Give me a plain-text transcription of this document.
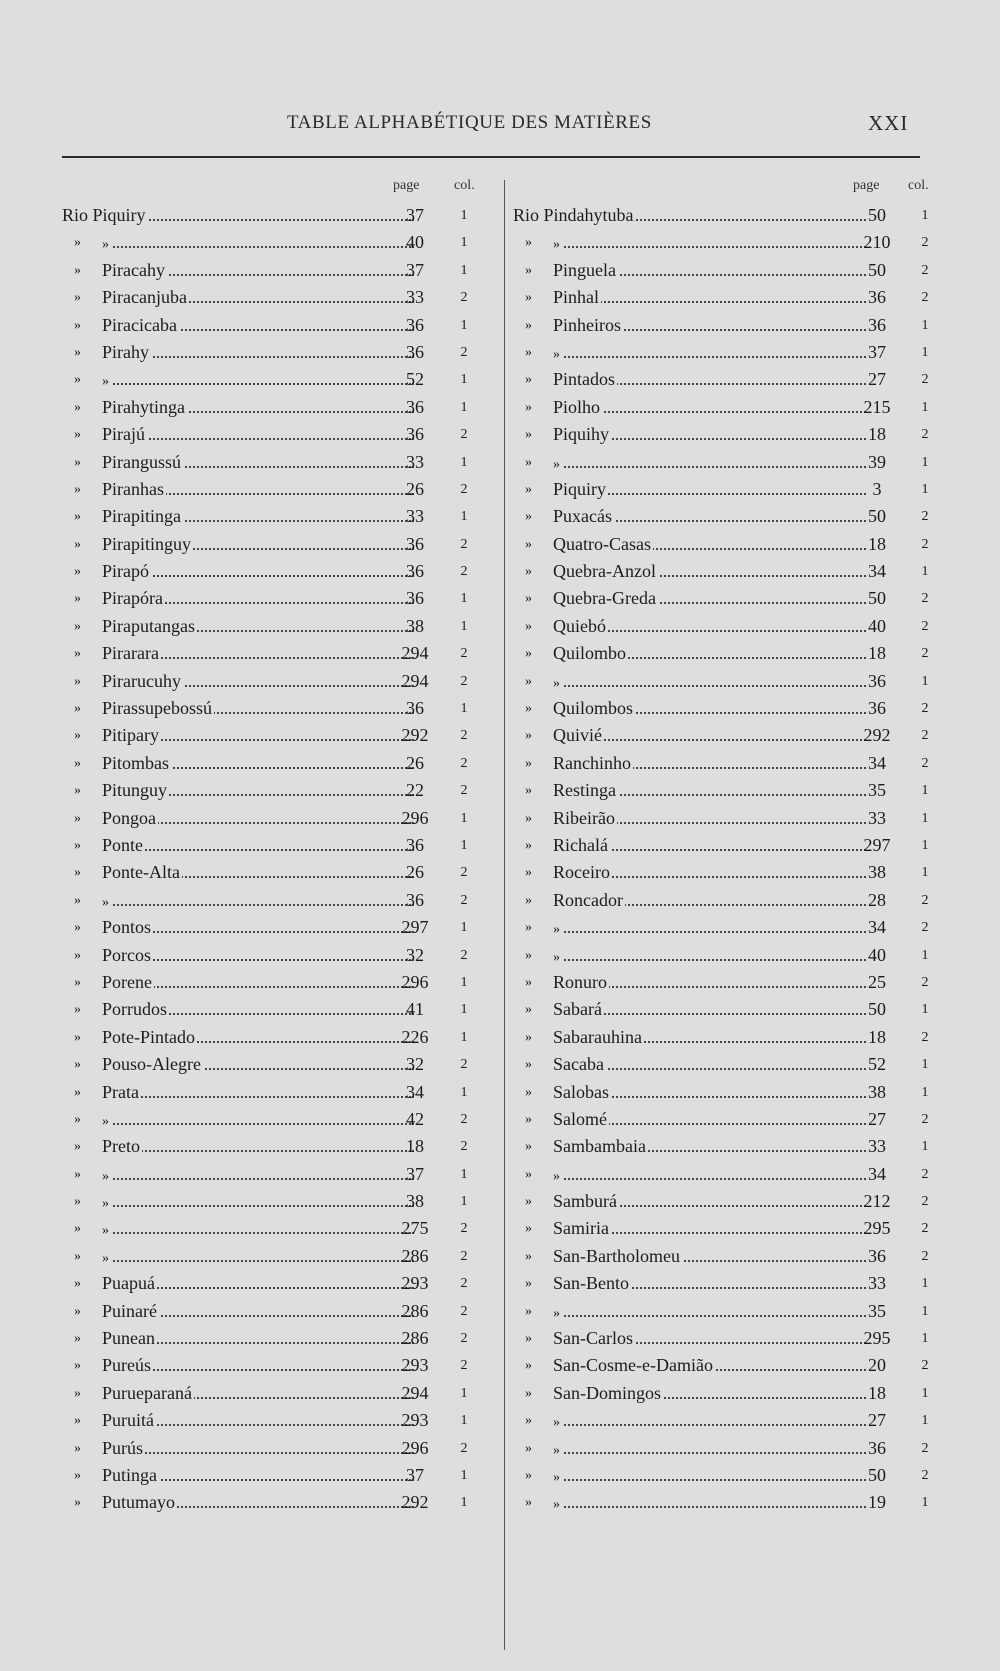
TABLE ALPHABÉTIQUE DES MATIÈRES	XXI
page col.
Rio Piquiry	37	1
» »	40	1
» Piracahy	37	1
» Piracanjuba	33	2
» Piracicaba	36	1
» Pirahy	36	2
» »	52	1
» Pirahytinga	36	1
» Pirajú	36	2
» Pirangussú	33	1
» Piranhas	26	2
» Pirapitinga	33	1
» Pirapitinguy	36	2
» Pirapó	36	2
» Pirapóra	36	1
» Piraputangas	38	1
» Pirarara	294	2
» Piraruсuhy	294	2
» Pirassupebossú	36	1
» Pitipary	292	2
» Pitombas	26	2
» Pitunguy	22	2
» Pongoa	296	1
» Ponte	36	1
» Ponte-Alta	26	2
» »	36	2
» Pontos	297	1
» Porcos	32	2
» Porene	296	1
» Porrudos	41	1
» Pote-Pintado	226	1
» Pouso-Alegre	32	2
» Prata	34	1
» »	42	2
» Preto	18	2
» »	37	1
» »	38	1
» »	275	2
» »	286	2
» Puapuá	293	2
» Puinaré	286	2
» Punean	286	2
» Pureús	293	2
» Purueparaná	294	1
» Puruitá	293	1
» Purús	296	2
» Putinga	37	1
» Putumayo	292	1
page col.
Rio Pindahytuba	50	1
» »	210	2
» Pinguela	50	2
» Pinhal	36	2
» Pinheiros	36	1
» »	37	1
» Pintados	27	2
» Piolho	215	1
» Piquihy	18	2
» »	39	1
» Piquiry	3	1
» Puxacás	50	2
» Quatro-Casas	18	2
» Quebra-Anzol	34	1
» Quebra-Greda	50	2
» Quiebó	40	2
» Quilombo	18	2
» »	36	1
» Quilombos	36	2
» Quivié	292	2
» Ranchinho	34	2
» Restinga	35	1
» Ribeirão	33	1
» Richalá	297	1
» Roceiro	38	1
» Roncador	28	2
» »	34	2
» »	40	1
» Ronuro	25	2
» Sabará	50	1
» Sabarauhina	18	2
» Sacaba	52	1
» Salobas	38	1
» Salomé	27	2
» Sambambaia	33	1
» »	34	2
» Samburá	212	2
» Samiria	295	2
» San-Bartholomeu	36	2
» San-Bento	33	1
» »	35	1
» San-Carlos	295	1
» San-Cosme-e-Damião	20	2
» San-Domingos	18	1
» »	27	1
» »	36	2
» »	50	2
» »	19	1
